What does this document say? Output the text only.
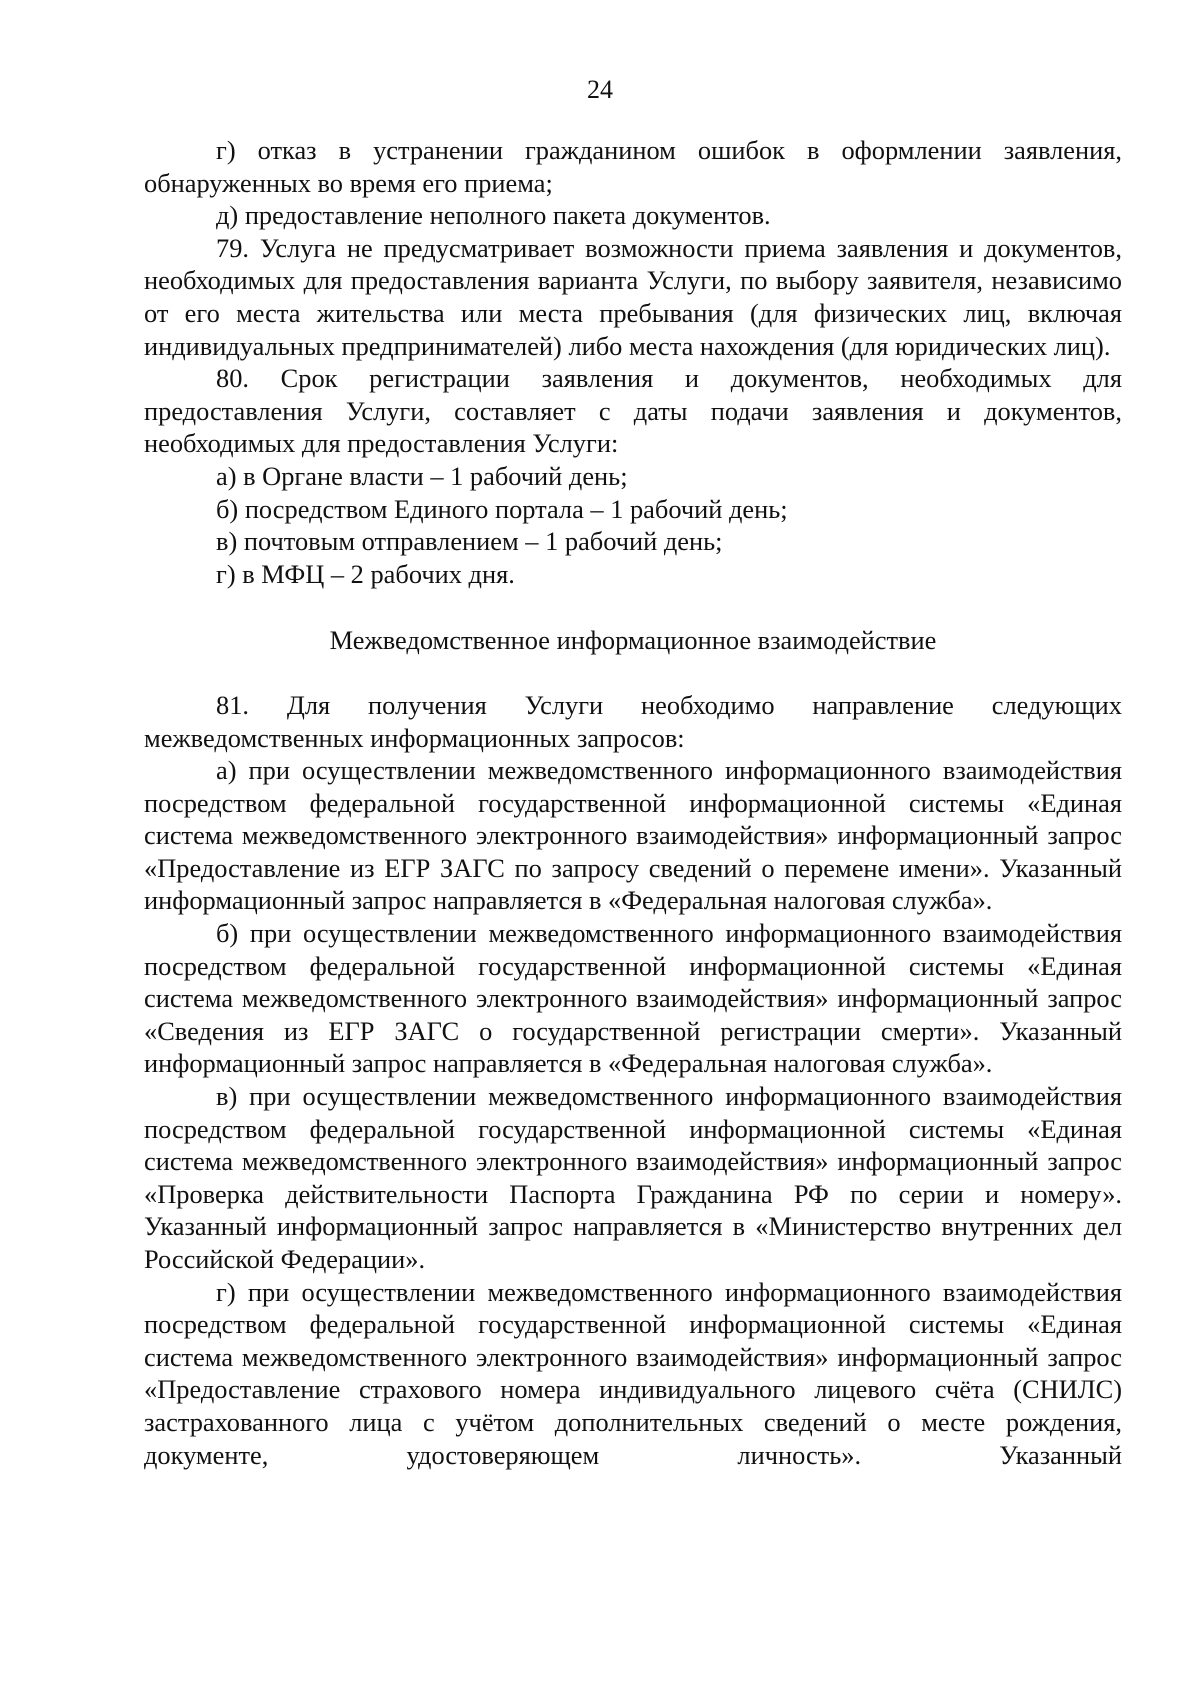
24

г) отказ в устранении гражданином ошибок в оформлении заявления, обнаруженных во время его приема;

д) предоставление неполного пакета документов.

79. Услуга не предусматривает возможности приема заявления и документов, необходимых для предоставления варианта Услуги, по выбору заявителя, независимо от его места жительства или места пребывания (для физических лиц, включая индивидуальных предпринимателей) либо места нахождения (для юридических лиц).

80. Срок регистрации заявления и документов, необходимых для предоставления Услуги, составляет с даты подачи заявления и документов, необходимых для предоставления Услуги:

а) в Органе власти – 1 рабочий день;

б) посредством Единого портала – 1 рабочий день;

в) почтовым отправлением – 1 рабочий день;

г) в МФЦ – 2 рабочих дня.

Межведомственное информационное взаимодействие

81. Для получения Услуги необходимо направление следующих межведомственных информационных запросов:

а) при осуществлении межведомственного информационного взаимодействия посредством федеральной государственной информационной системы «Единая система межведомственного электронного взаимодействия» информационный запрос «Предоставление из ЕГР ЗАГС по запросу сведений о перемене имени». Указанный информационный запрос направляется в «Федеральная налоговая служба».

б) при осуществлении межведомственного информационного взаимодействия посредством федеральной государственной информационной системы «Единая система межведомственного электронного взаимодействия» информационный запрос «Сведения из ЕГР ЗАГС о государственной регистрации смерти». Указанный информационный запрос направляется в «Федеральная налоговая служба».

в) при осуществлении межведомственного информационного взаимодействия посредством федеральной государственной информационной системы «Единая система межведомственного электронного взаимодействия» информационный запрос «Проверка действительности Паспорта Гражданина РФ по серии и номеру». Указанный информационный запрос направляется в «Министерство внутренних дел Российской Федерации».

г) при осуществлении межведомственного информационного взаимодействия посредством федеральной государственной информационной системы «Единая система межведомственного электронного взаимодействия» информационный запрос «Предоставление страхового номера индивидуального лицевого счёта (СНИЛС) застрахованного лица с учётом дополнительных сведений о месте рождения, документе, удостоверяющем личность». Указанный
